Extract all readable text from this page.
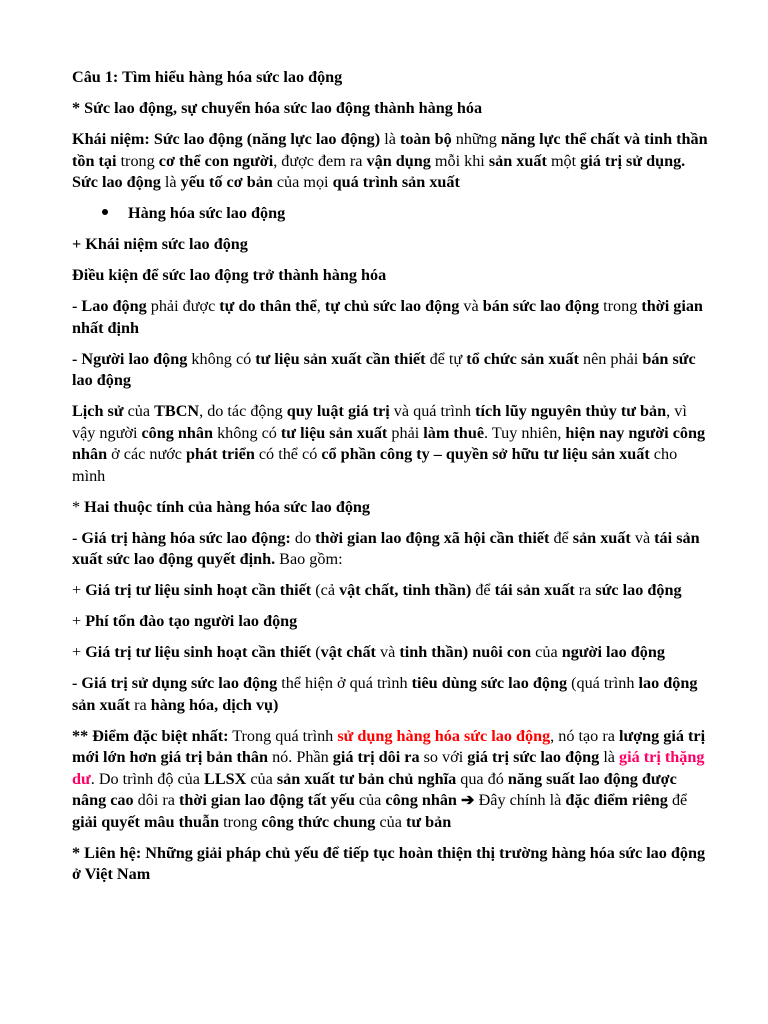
Câu 1: Tìm hiểu hàng hóa sức lao động

* Sức lao động, sự chuyển hóa sức lao động thành hàng hóa

Khái niệm: Sức lao động (năng lực lao động) là toàn bộ những năng lực thể chất và tinh thần tồn tại trong cơ thể con người, được đem ra vận dụng mỗi khi sản xuất một giá trị sử dụng. Sức lao động là yếu tố cơ bản của mọi quá trình sản xuất

Hàng hóa sức lao động

+ Khái niệm sức lao động

Điều kiện để sức lao động trở thành hàng hóa

- Lao động phải được tự do thân thể, tự chủ sức lao động và bán sức lao động trong thời gian nhất định

- Người lao động không có tư liệu sản xuất cần thiết để tự tổ chức sản xuất nên phải bán sức lao động

Lịch sử của TBCN, do tác động quy luật giá trị và quá trình tích lũy nguyên thủy tư bản, vì vậy người công nhân không có tư liệu sản xuất phải làm thuê. Tuy nhiên, hiện nay người công nhân ở các nước phát triển có thể có cổ phần công ty – quyền sở hữu tư liệu sản xuất cho mình

* Hai thuộc tính của hàng hóa sức lao động

- Giá trị hàng hóa sức lao động: do thời gian lao động xã hội cần thiết để sản xuất và tái sản xuất sức lao động quyết định. Bao gồm:

+ Giá trị tư liệu sinh hoạt cần thiết (cả vật chất, tinh thần) để tái sản xuất ra sức lao động

+ Phí tổn đào tạo người lao động

+ Giá trị tư liệu sinh hoạt cần thiết (vật chất và tinh thần) nuôi con của người lao động

- Giá trị sử dụng sức lao động thể hiện ở quá trình tiêu dùng sức lao động (quá trình lao động sản xuất ra hàng hóa, dịch vụ)

** Điểm đặc biệt nhất: Trong quá trình sử dụng hàng hóa sức lao động, nó tạo ra lượng giá trị mới lớn hơn giá trị bản thân nó. Phần giá trị dôi ra so với giá trị sức lao động là giá trị thặng dư. Do trình độ của LLSX của sản xuất tư bản chủ nghĩa qua đó năng suất lao động được nâng cao dôi ra thời gian lao động tất yếu của công nhân ➔ Đây chính là đặc điểm riêng để giải quyết mâu thuẫn trong công thức chung của tư bản

* Liên hệ: Những giải pháp chủ yếu để tiếp tục hoàn thiện thị trường hàng hóa sức lao động ở Việt Nam
